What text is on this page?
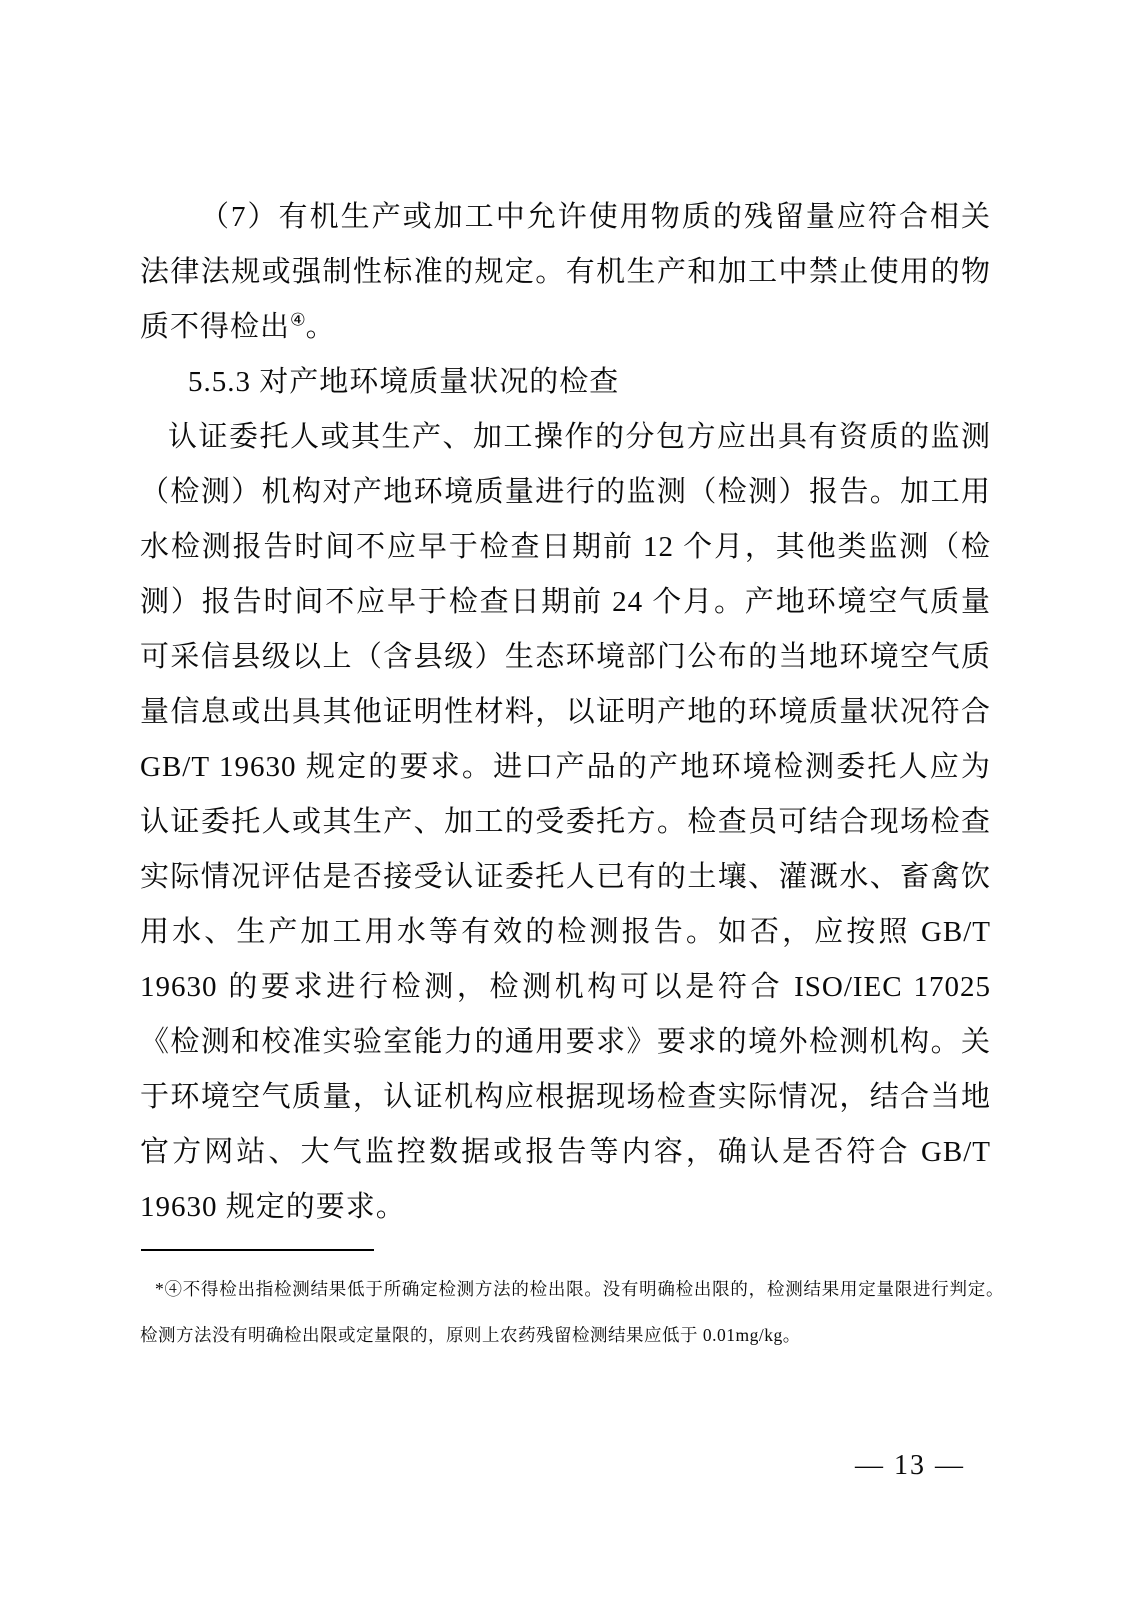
（7）有机生产或加工中允许使用物质的残留量应符合相关法律法规或强制性标准的规定。有机生产和加工中禁止使用的物质不得检出④。

5.5.3 对产地环境质量状况的检查

认证委托人或其生产、加工操作的分包方应出具有资质的监测（检测）机构对产地环境质量进行的监测（检测）报告。加工用水检测报告时间不应早于检查日期前 12 个月，其他类监测（检测）报告时间不应早于检查日期前 24 个月。产地环境空气质量可采信县级以上（含县级）生态环境部门公布的当地环境空气质量信息或出具其他证明性材料，以证明产地的环境质量状况符合 GB/T 19630 规定的要求。进口产品的产地环境检测委托人应为认证委托人或其生产、加工的受委托方。检查员可结合现场检查实际情况评估是否接受认证委托人已有的土壤、灌溉水、畜禽饮用水、生产加工用水等有效的检测报告。如否，应按照 GB/T 19630 的要求进行检测，检测机构可以是符合 ISO/IEC 17025《检测和校准实验室能力的通用要求》要求的境外检测机构。关于环境空气质量，认证机构应根据现场检查实际情况，结合当地官方网站、大气监控数据或报告等内容，确认是否符合 GB/T 19630 规定的要求。

*④不得检出指检测结果低于所确定检测方法的检出限。没有明确检出限的，检测结果用定量限进行判定。检测方法没有明确检出限或定量限的，原则上农药残留检测结果应低于 0.01mg/kg。

— 13 —
